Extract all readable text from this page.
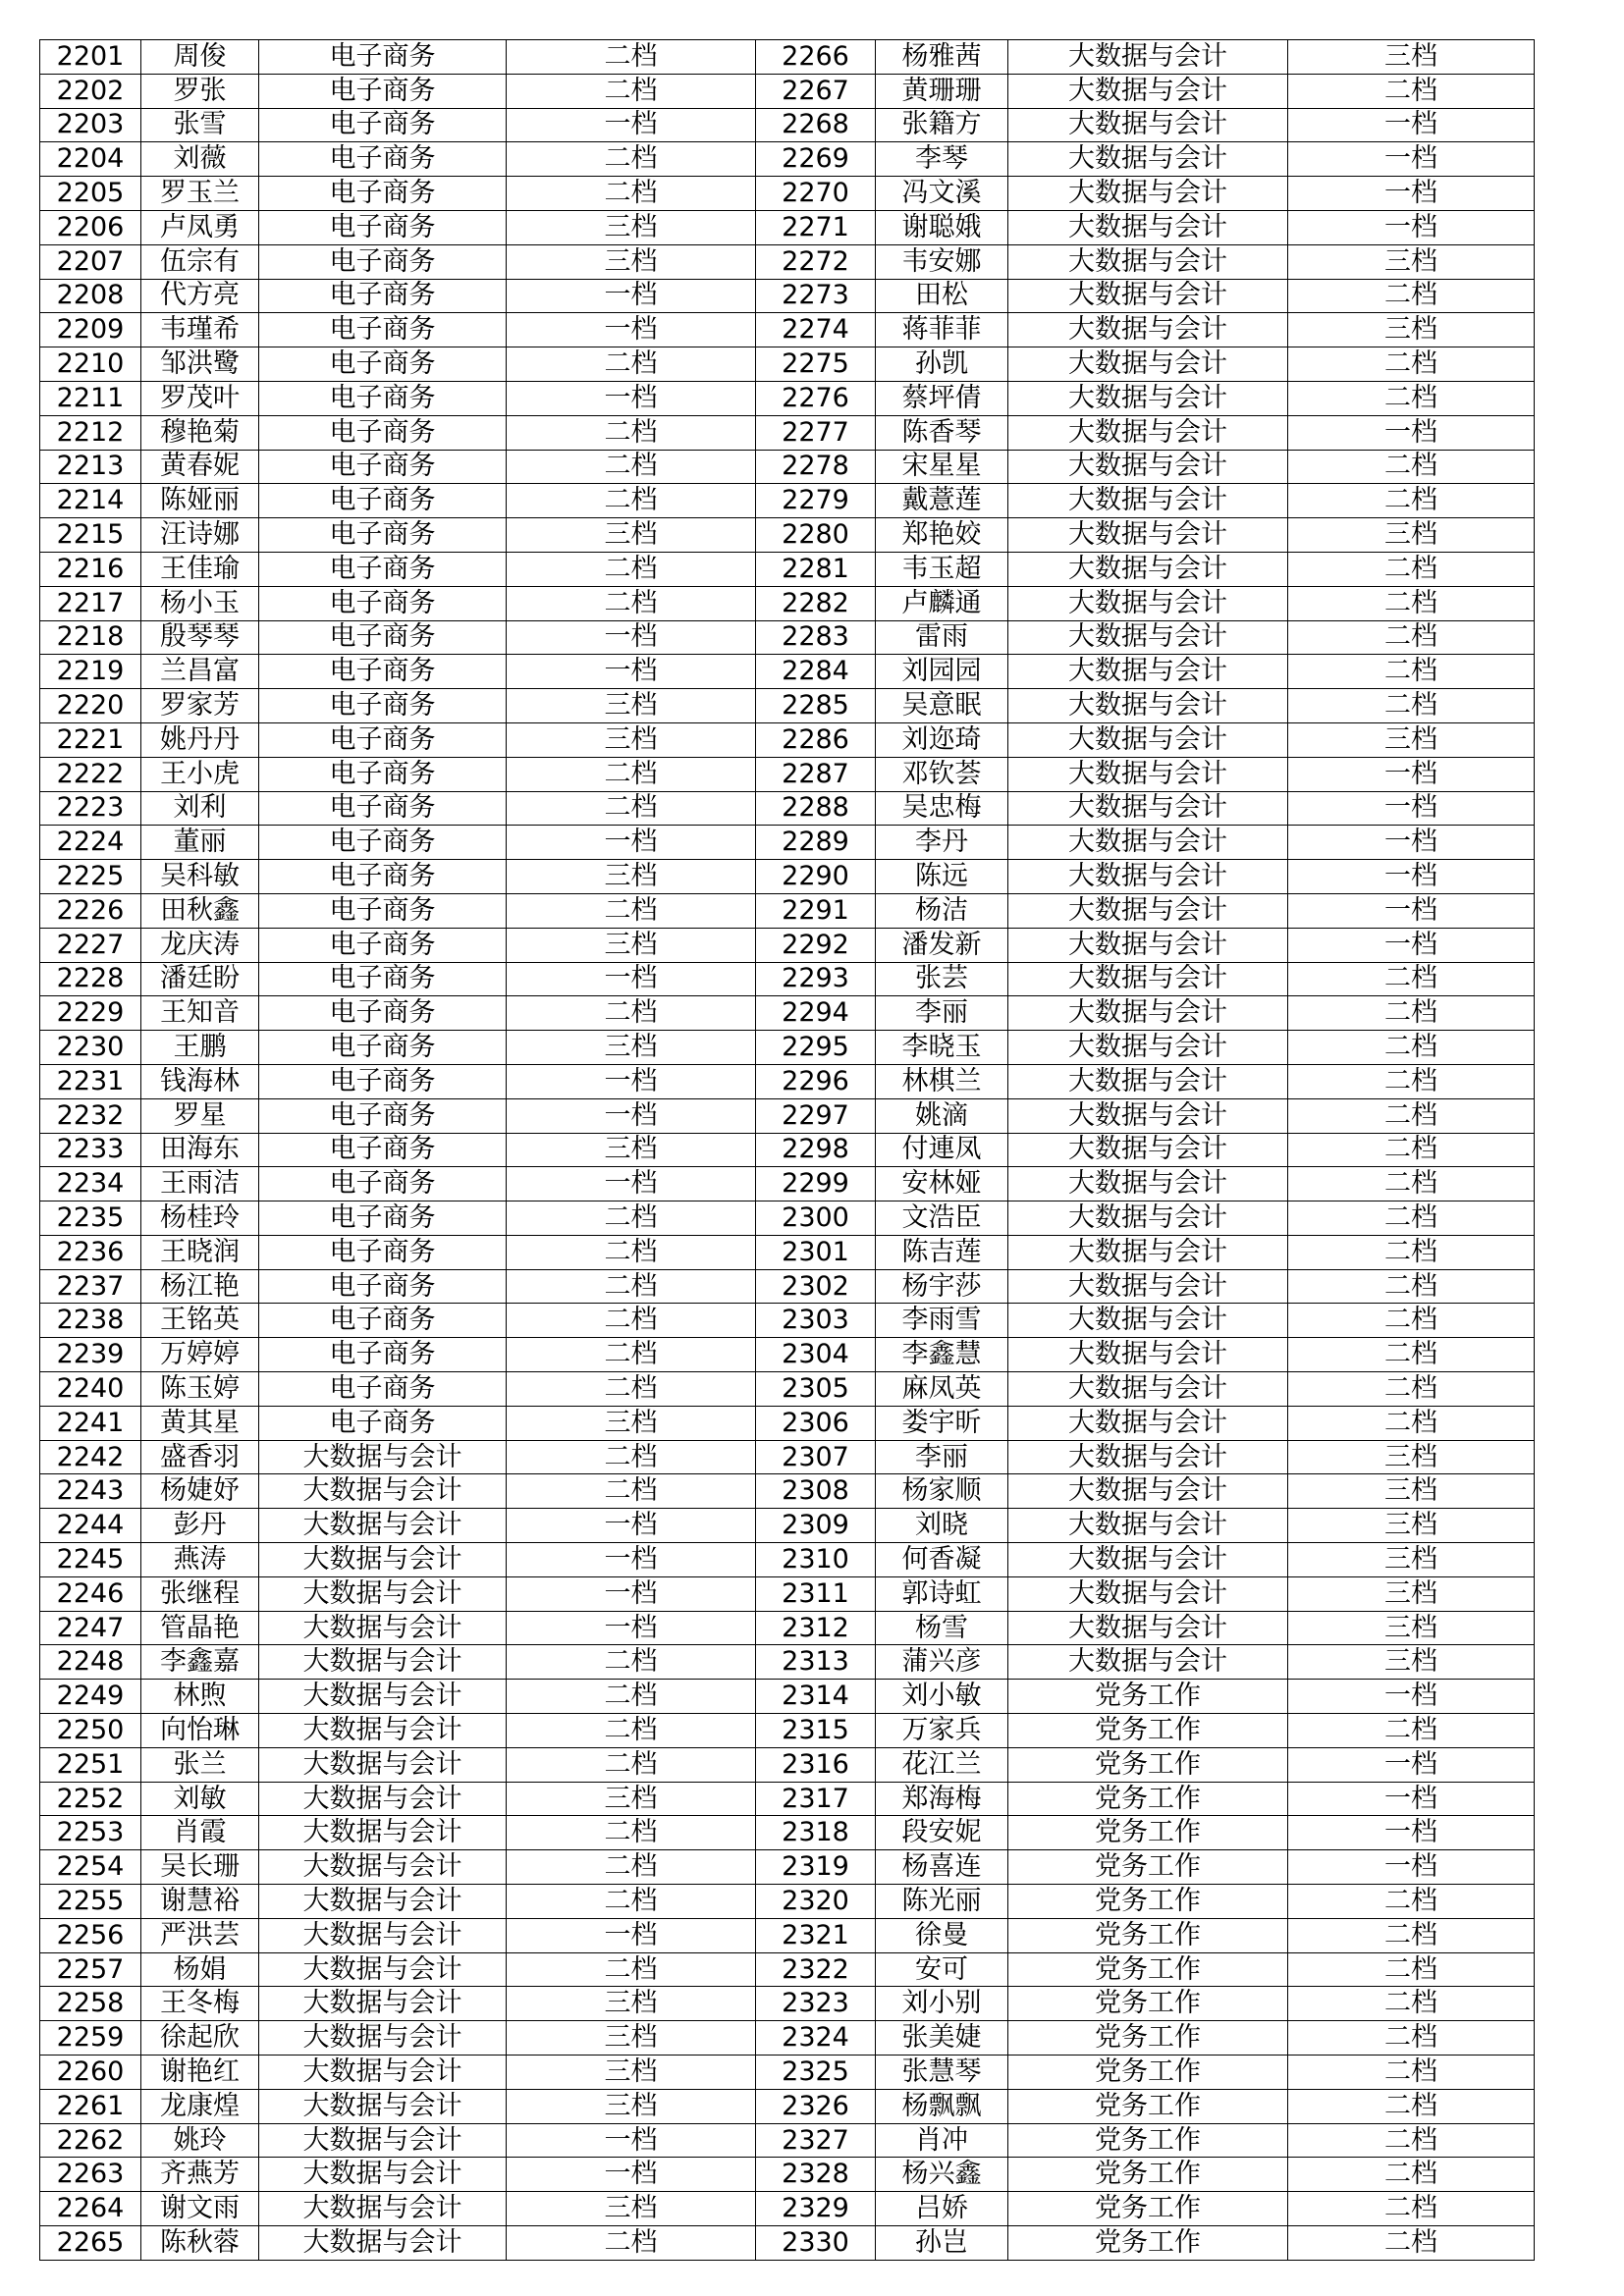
2201	周俊	电子商务	二档	2266	杨雅茜	大数据与会计	三档
2202	罗张	电子商务	二档	2267	黄珊珊	大数据与会计	二档
2203	张雪	电子商务	一档	2268	张籍方	大数据与会计	一档
2204	刘薇	电子商务	二档	2269	李琴	大数据与会计	一档
2205	罗玉兰	电子商务	二档	2270	冯文溪	大数据与会计	一档
2206	卢凤勇	电子商务	三档	2271	谢聪娥	大数据与会计	一档
2207	伍宗有	电子商务	三档	2272	韦安娜	大数据与会计	三档
2208	代方亮	电子商务	一档	2273	田松	大数据与会计	二档
2209	韦瑾希	电子商务	一档	2274	蒋菲菲	大数据与会计	三档
2210	邹洪鹭	电子商务	二档	2275	孙凯	大数据与会计	二档
2211	罗茂叶	电子商务	一档	2276	蔡坪倩	大数据与会计	二档
2212	穆艳菊	电子商务	二档	2277	陈香琴	大数据与会计	一档
2213	黄春妮	电子商务	二档	2278	宋星星	大数据与会计	二档
2214	陈娅丽	电子商务	二档	2279	戴薏莲	大数据与会计	二档
2215	汪诗娜	电子商务	三档	2280	郑艳姣	大数据与会计	三档
2216	王佳瑜	电子商务	二档	2281	韦玉超	大数据与会计	二档
2217	杨小玉	电子商务	二档	2282	卢麟通	大数据与会计	二档
2218	殷琴琴	电子商务	一档	2283	雷雨	大数据与会计	二档
2219	兰昌富	电子商务	一档	2284	刘园园	大数据与会计	二档
2220	罗家芳	电子商务	三档	2285	吴意眠	大数据与会计	二档
2221	姚丹丹	电子商务	三档	2286	刘迩琦	大数据与会计	三档
2222	王小虎	电子商务	二档	2287	邓钦荟	大数据与会计	一档
2223	刘利	电子商务	二档	2288	吴忠梅	大数据与会计	一档
2224	董丽	电子商务	一档	2289	李丹	大数据与会计	一档
2225	吴科敏	电子商务	三档	2290	陈远	大数据与会计	一档
2226	田秋鑫	电子商务	二档	2291	杨洁	大数据与会计	一档
2227	龙庆涛	电子商务	三档	2292	潘发新	大数据与会计	一档
2228	潘廷盼	电子商务	一档	2293	张芸	大数据与会计	二档
2229	王知音	电子商务	二档	2294	李丽	大数据与会计	二档
2230	王鹏	电子商务	三档	2295	李晓玉	大数据与会计	二档
2231	钱海林	电子商务	一档	2296	林棋兰	大数据与会计	二档
2232	罗星	电子商务	一档	2297	姚滴	大数据与会计	二档
2233	田海东	电子商务	三档	2298	付連凤	大数据与会计	二档
2234	王雨洁	电子商务	一档	2299	安林娅	大数据与会计	二档
2235	杨桂玲	电子商务	二档	2300	文浩臣	大数据与会计	二档
2236	王晓润	电子商务	二档	2301	陈吉莲	大数据与会计	二档
2237	杨江艳	电子商务	二档	2302	杨宇莎	大数据与会计	二档
2238	王铭英	电子商务	二档	2303	李雨雪	大数据与会计	二档
2239	万婷婷	电子商务	二档	2304	李鑫慧	大数据与会计	二档
2240	陈玉婷	电子商务	二档	2305	麻凤英	大数据与会计	二档
2241	黄其星	电子商务	三档	2306	娄宇昕	大数据与会计	二档
2242	盛香羽	大数据与会计	二档	2307	李丽	大数据与会计	三档
2243	杨婕妤	大数据与会计	二档	2308	杨家顺	大数据与会计	三档
2244	彭丹	大数据与会计	一档	2309	刘晓	大数据与会计	三档
2245	燕涛	大数据与会计	一档	2310	何香凝	大数据与会计	三档
2246	张继程	大数据与会计	一档	2311	郭诗虹	大数据与会计	三档
2247	管晶艳	大数据与会计	一档	2312	杨雪	大数据与会计	三档
2248	李鑫嘉	大数据与会计	二档	2313	蒲兴彦	大数据与会计	三档
2249	林煦	大数据与会计	二档	2314	刘小敏	党务工作	一档
2250	向怡琳	大数据与会计	二档	2315	万家兵	党务工作	二档
2251	张兰	大数据与会计	二档	2316	花江兰	党务工作	一档
2252	刘敏	大数据与会计	三档	2317	郑海梅	党务工作	一档
2253	肖霞	大数据与会计	二档	2318	段安妮	党务工作	一档
2254	吴长珊	大数据与会计	二档	2319	杨喜连	党务工作	一档
2255	谢慧裕	大数据与会计	二档	2320	陈光丽	党务工作	二档
2256	严洪芸	大数据与会计	一档	2321	徐曼	党务工作	二档
2257	杨娟	大数据与会计	二档	2322	安可	党务工作	二档
2258	王冬梅	大数据与会计	三档	2323	刘小别	党务工作	二档
2259	徐起欣	大数据与会计	三档	2324	张美婕	党务工作	二档
2260	谢艳红	大数据与会计	三档	2325	张慧琴	党务工作	二档
2261	龙康煌	大数据与会计	三档	2326	杨飘飘	党务工作	二档
2262	姚玲	大数据与会计	一档	2327	肖冲	党务工作	二档
2263	齐燕芳	大数据与会计	一档	2328	杨兴鑫	党务工作	二档
2264	谢文雨	大数据与会计	三档	2329	吕娇	党务工作	二档
2265	陈秋蓉	大数据与会计	二档	2330	孙岂	党务工作	二档
